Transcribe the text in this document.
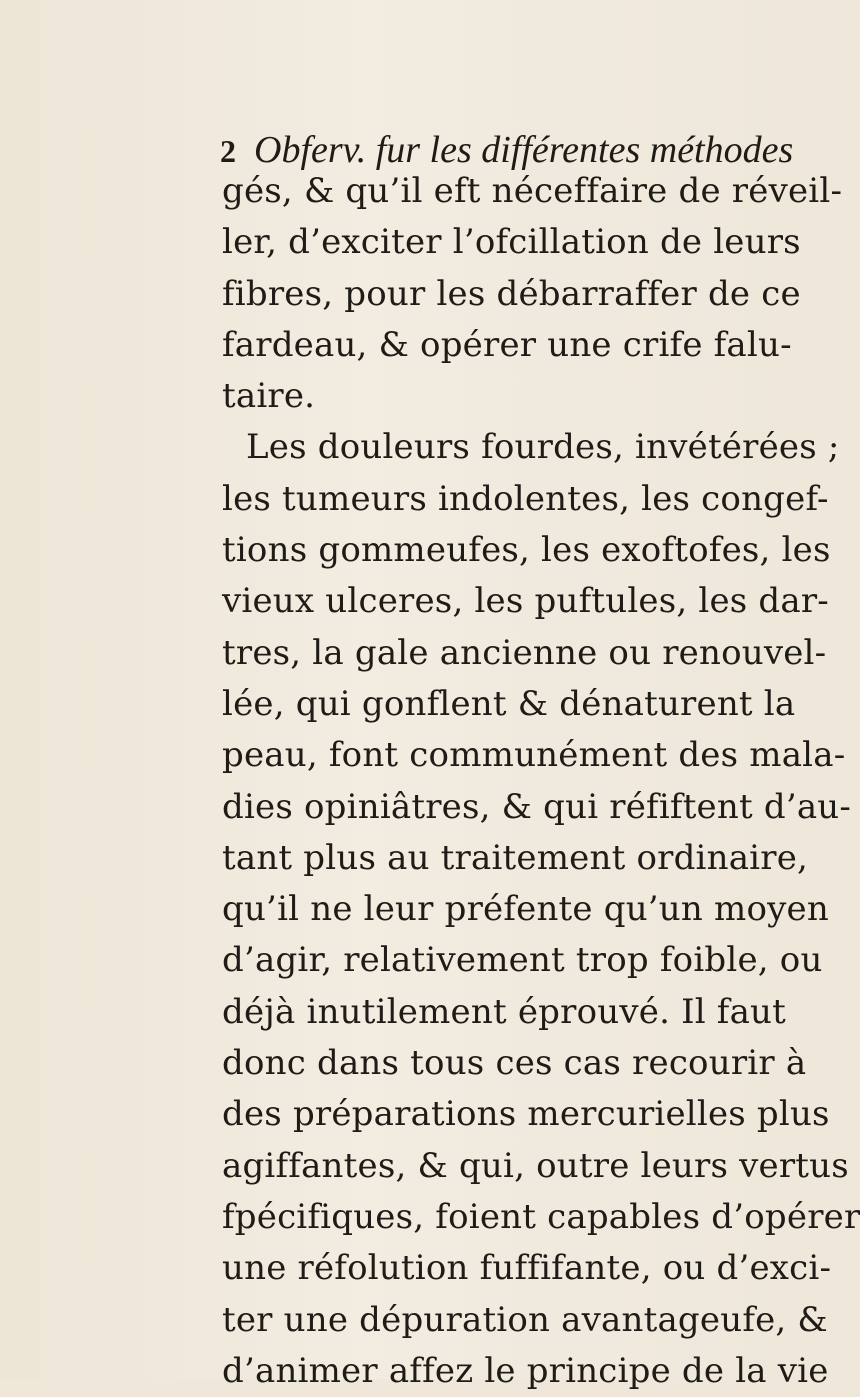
2 Obferv. fur les différentes méthodes
gés, & qu’il eft néceffaire de réveil-
ler, d’exciter l’ofcillation de leurs
fibres, pour les débarraffer de ce
fardeau, & opérer une crife falu-
taire.
Les douleurs fourdes, invétérées ;
les tumeurs indolentes, les congef-
tions gommeufes, les exoftofes, les
vieux ulceres, les puftules, les dar-
tres, la gale ancienne ou renouvel-
lée, qui gonflent & dénaturent la
peau, font communément des mala-
dies opiniâtres, & qui réfiftent d’au-
tant plus au traitement ordinaire,
qu’il ne leur préfente qu’un moyen
d’agir, relativement trop foible, ou
déjà inutilement éprouvé. Il faut
donc dans tous ces cas recourir à
des préparations mercurielles plus
agiffantes, & qui, outre leurs vertus
fpécifiques, foient capables d’opérer
une réfolution fuffifante, ou d’exci-
ter une dépuration avantageufe, &
d’animer affez le principe de la vie
